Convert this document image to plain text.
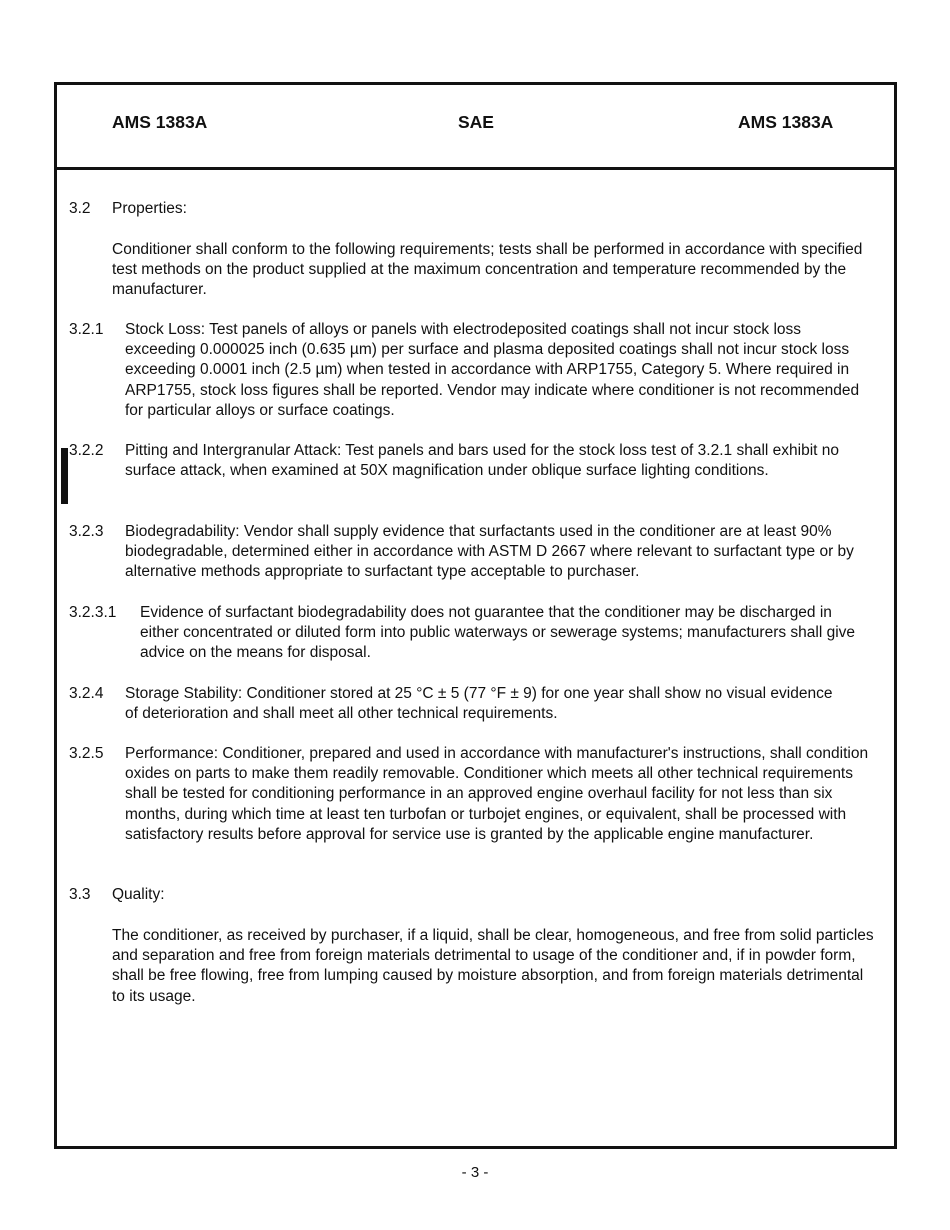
AMS 1383A	SAE	AMS 1383A
3.2 Properties:

Conditioner shall conform to the following requirements; tests shall be performed in accordance with specified test methods on the product supplied at the maximum concentration and temperature recommended by the manufacturer.

3.2.1 Stock Loss: Test panels of alloys or panels with electrodeposited coatings shall not incur stock loss exceeding 0.000025 inch (0.635 µm) per surface and plasma deposited coatings shall not incur stock loss exceeding 0.0001 inch (2.5 µm) when tested in accordance with ARP1755, Category 5. Where required in ARP1755, stock loss figures shall be reported. Vendor may indicate where conditioner is not recommended for particular alloys or surface coatings.

3.2.2 Pitting and Intergranular Attack: Test panels and bars used for the stock loss test of 3.2.1 shall exhibit no surface attack, when examined at 50X magnification under oblique surface lighting conditions.

3.2.3 Biodegradability: Vendor shall supply evidence that surfactants used in the conditioner are at least 90% biodegradable, determined either in accordance with ASTM D 2667 where relevant to surfactant type or by alternative methods appropriate to surfactant type acceptable to purchaser.

3.2.3.1 Evidence of surfactant biodegradability does not guarantee that the conditioner may be discharged in either concentrated or diluted form into public waterways or sewerage systems; manufacturers shall give advice on the means for disposal.

3.2.4 Storage Stability: Conditioner stored at 25 °C ± 5 (77 °F ± 9) for one year shall show no visual evidence of deterioration and shall meet all other technical requirements.

3.2.5 Performance: Conditioner, prepared and used in accordance with manufacturer's instructions, shall condition oxides on parts to make them readily removable. Conditioner which meets all other technical requirements shall be tested for conditioning performance in an approved engine overhaul facility for not less than six months, during which time at least ten turbofan or turbojet engines, or equivalent, shall be processed with satisfactory results before approval for service use is granted by the applicable engine manufacturer.

3.3 Quality:

The conditioner, as received by purchaser, if a liquid, shall be clear, homogeneous, and free from solid particles and separation and free from foreign materials detrimental to usage of the conditioner and, if in powder form, shall be free flowing, free from lumping caused by moisture absorption, and from foreign materials detrimental to its usage.

- 3 -
